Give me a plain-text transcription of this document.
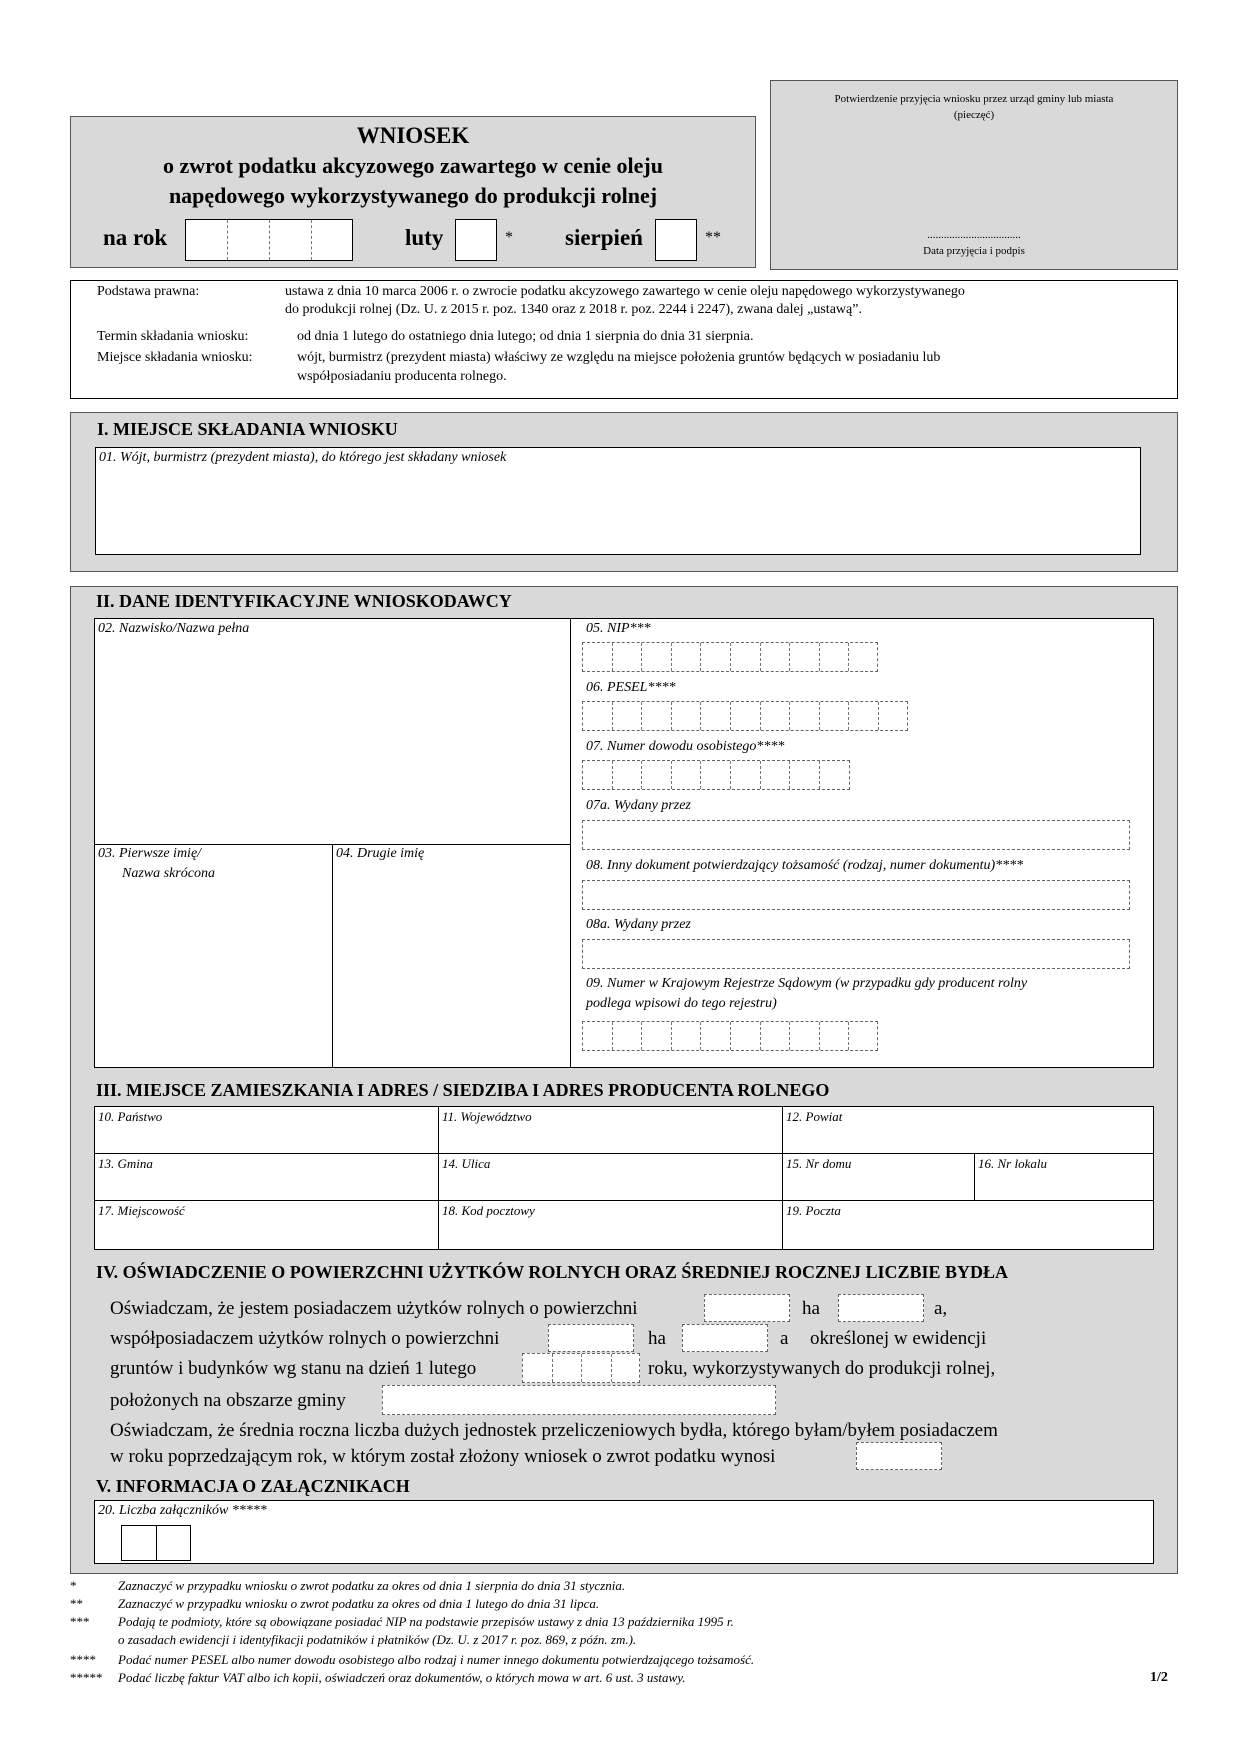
WNIOSEK
o zwrot podatku akcyzowego zawartego w cenie oleju
napędowego wykorzystywanego do produkcji rolnej
na rok	luty	* sierpień	**
Potwierdzenie przyjęcia wniosku przez urząd gminy lub miasta
(pieczęć)
..................................
Data przyjęcia i podpis
Podstawa prawna:	ustawa z dnia 10 marca 2006 r. o zwrocie podatku akcyzowego zawartego w cenie oleju napędowego wykorzystywanego
do produkcji rolnej (Dz. U. z 2015 r. poz. 1340 oraz z 2018 r. poz. 2244 i 2247), zwana dalej „ustawą”.
Termin składania wniosku:	od dnia 1 lutego do ostatniego dnia lutego; od dnia 1 sierpnia do dnia 31 sierpnia.
Miejsce składania wniosku:	wójt, burmistrz (prezydent miasta) właściwy ze względu na miejsce położenia gruntów będących w posiadaniu lub
współposiadaniu producenta rolnego.
I. MIEJSCE SKŁADANIA WNIOSKU
01. Wójt, burmistrz (prezydent miasta), do którego jest składany wniosek
II. DANE IDENTYFIKACYJNE WNIOSKODAWCY
02. Nazwisko/Nazwa pełna
03. Pierwsze imię/
Nazwa skrócona
04. Drugie imię
05. NIP***
06. PESEL****
07. Numer dowodu osobistego****
07a. Wydany przez
08. Inny dokument potwierdzający tożsamość (rodzaj, numer dokumentu)****
08a. Wydany przez
09. Numer w Krajowym Rejestrze Sądowym (w przypadku gdy producent rolny
podlega wpisowi do tego rejestru)
III. MIEJSCE ZAMIESZKANIA I ADRES / SIEDZIBA I ADRES PRODUCENTA ROLNEGO
10. Państwo	11. Województwo	12. Powiat
13. Gmina	14. Ulica	15. Nr domu	16. Nr lokalu
17. Miejscowość	18. Kod pocztowy	19. Poczta
IV. OŚWIADCZENIE O POWIERZCHNI UŻYTKÓW ROLNYCH ORAZ ŚREDNIEJ ROCZNEJ LICZBIE BYDŁA
Oświadczam, że jestem posiadaczem użytków rolnych o powierzchni	ha	a,
współposiadaczem użytków rolnych o powierzchni	ha	a określonej w ewidencji
gruntów i budynków wg stanu na dzień 1 lutego	roku, wykorzystywanych do produkcji rolnej,
położonych na obszarze gminy
Oświadczam, że średnia roczna liczba dużych jednostek przeliczeniowych bydła, którego byłam/byłem posiadaczem
w roku poprzedzającym rok, w którym został złożony wniosek o zwrot podatku wynosi
V. INFORMACJA O ZAŁĄCZNIKACH
20. Liczba załączników *****
*	Zaznaczyć w przypadku wniosku o zwrot podatku za okres od dnia 1 sierpnia do dnia 31 stycznia.
**	Zaznaczyć w przypadku wniosku o zwrot podatku za okres od dnia 1 lutego do dnia 31 lipca.
*** Podają te podmioty, które są obowiązane posiadać NIP na podstawie przepisów ustawy z dnia 13 października 1995 r.
o zasadach ewidencji i identyfikacji podatników i płatników (Dz. U. z 2017 r. poz. 869, z późn. zm.).
**** Podać numer PESEL albo numer dowodu osobistego albo rodzaj i numer innego dokumentu potwierdzającego tożsamość.
***** Podać liczbę faktur VAT albo ich kopii, oświadczeń oraz dokumentów, o których mowa w art. 6 ust. 3 ustawy.	1/2
